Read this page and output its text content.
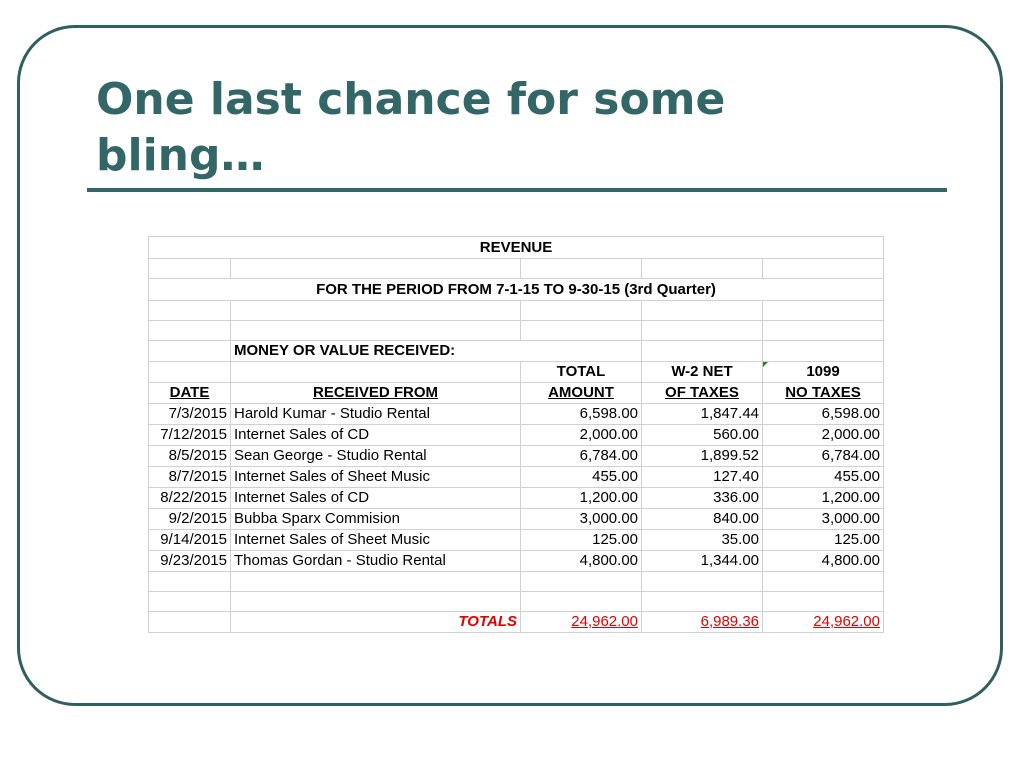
One last chance for some bling…
REVENUE				

FOR THE PERIOD FROM 7-1-15 TO 9-30-15 (3rd Quarter)				

	MONEY OR VALUE RECEIVED:			
		TOTAL	W-2 NET	1099
DATE	RECEIVED FROM	AMOUNT	OF TAXES	NO TAXES
7/3/2015	Harold Kumar - Studio Rental	6,598.00	1,847.44	6,598.00
7/12/2015	Internet Sales of CD	2,000.00	560.00	2,000.00
8/5/2015	Sean George - Studio Rental	6,784.00	1,899.52	6,784.00
8/7/2015	Internet Sales of Sheet Music	455.00	127.40	455.00
8/22/2015	Internet Sales of CD	1,200.00	336.00	1,200.00
9/2/2015	Bubba Sparx Commision	3,000.00	840.00	3,000.00
9/14/2015	Internet Sales of Sheet Music	125.00	35.00	125.00
9/23/2015	Thomas Gordan - Studio Rental	4,800.00	1,344.00	4,800.00

	TOTALS	24,962.00	6,989.36	24,962.00
